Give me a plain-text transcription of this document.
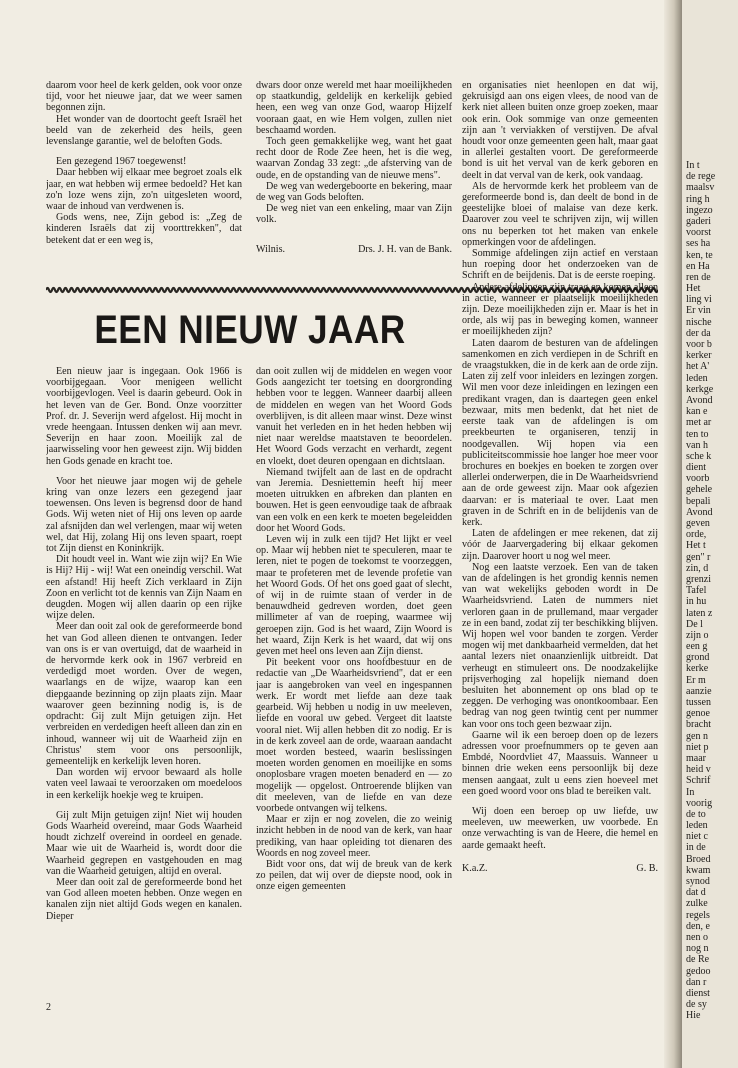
daarom voor heel de kerk gelden, ook voor onze tijd, voor het nieuwe jaar, dat we weer samen begonnen zijn.

Het wonder van de doortocht geeft Israël het beeld van de zekerheid des heils, geen levenslange garantie, wel de beloften Gods.

Een gezegend 1967 toegewenst!

Daar hebben wij elkaar mee begroet zoals elk jaar, en wat hebben wij ermee bedoeld? Het kan zo'n loze wens zijn, zo'n uitgesleten woord, waar de inhoud van verdwenen is.

Gods wens, nee, Zijn gebod is: „Zeg de kinderen Israëls dat zij voorttrekken", dat betekent dat er een weg is,

dwars door onze wereld met haar moeilijkheden op staatkundig, geldelijk en kerkelijk gebied heen, een weg van onze God, waarop Hijzelf vooraan gaat, en wie Hem volgen, zullen niet beschaamd worden.

Toch geen gemakkelijke weg, want het gaat recht door de Rode Zee heen, het is die weg, waarvan Zondag 33 zegt: „de afsterving van de oude, en de opstanding van de nieuwe mens".

De weg van wedergeboorte en bekering, maar de weg van Gods beloften.

De weg niet van een enkeling, maar van Zijn volk.

Wilnis.	Drs. J. H. van de Bank.
EEN NIEUW JAAR

Een nieuw jaar is ingegaan. Ook 1966 is voorbijgegaan. Voor menigeen wellicht voorbijgevlogen. Veel is daarin gebeurd. Ook in het leven van de Ger. Bond. Onze voorzitter Prof. dr. J. Severijn werd afgelost. Hij mocht in vrede heengaan. Intussen denken wij aan mevr. Severijn en haar zoon. Moeilijk zal de jaarwisseling voor hen geweest zijn. Wij bidden hen Gods genade en kracht toe.

Voor het nieuwe jaar mogen wij de gehele kring van onze lezers een gezegend jaar toewensen. Ons leven is begrensd door de hand Gods. Wij weten niet of Hij ons leven op aarde zal afsnijden dan wel verlengen, maar wij weten wel, dat Hij, zolang Hij ons leven spaart, roept tot Zijn dienst en Koninkrijk.

Dit houdt veel in. Want wie zijn wij? En Wie is Hij? Hij - wij! Wat een oneindig verschil. Wat een afstand! Hij heeft Zich verklaard in Zijn Zoon en verlicht tot de kennis van Zijn Naam en deugden. Mogen wij allen daarin op een rijke wijze delen.

Meer dan ooit zal ook de gereformeerde bond het van God alleen dienen te ontvangen. Ieder van ons is er van overtuigd, dat de waarheid in de hervormde kerk ook in 1967 verbreid en verdedigd moet worden. Over de wegen, waarlangs en de wijze, waarop kan een diepgaande bezinning op zijn plaats zijn. Maar waarover geen bezinning nodig is, is de opdracht: Gij zult Mijn getuigen zijn. Het verbreiden en verdedigen heeft alleen dan zin en inhoud, wanneer wij uit de Waarheid zijn en Christus' stem voor ons persoonlijk, gemeentelijk en kerkelijk leven horen.

Dan worden wij ervoor bewaard als holle vaten veel lawaai te veroorzaken om moedeloos in een kerkelijk hoekje weg te kruipen.

Gij zult Mijn getuigen zijn! Niet wij houden Gods Waarheid overeind, maar Gods Waarheid houdt zichzelf overeind in oordeel en genade. Maar wie uit de Waarheid is, wordt door die Waarheid gegrepen en vastgehouden en mag van die Waarheid getuigen, altijd en overal.

Meer dan ooit zal de gereformeerde bond het van God alleen moeten hebben. Onze wegen en kanalen zijn niet altijd Gods wegen en kanalen. Dieper

dan ooit zullen wij de middelen en wegen voor Gods aangezicht ter toetsing en doorgronding hebben voor te leggen. Wanneer daarbij alleen de middelen en wegen van het Woord Gods overblijven, is dit alleen maar winst. Deze winst vanuit het verleden en in het heden hebben wij niet naar wereldse maatstaven te beoordelen. Het Woord Gods verzacht en verhardt, zegent en vloekt, doet deuren opengaan en dichtslaan.

Niemand twijfelt aan de last en de opdracht van Jeremia. Desniettemin heeft hij meer moeten uitrukken en afbreken dan planten en bouwen. Het is geen eenvoudige taak de afbraak van een volk en een kerk te moeten begeleidden door het Woord Gods.

Leven wij in zulk een tijd? Het lijkt er veel op. Maar wij hebben niet te speculeren, maar te leren, niet te pogen de toekomst te voorzeggen, maar te profeteren met de levende profetie van het Woord Gods. Of het ons goed gaat of slecht, of wij in de ruimte staan of verder in de benauwdheid gedreven worden, doet geen millimeter af van de roeping, waarmee wij geroepen zijn. God is het waard, Zijn Woord is het waard, Zijn Kerk is het waard, dat wij ons geven met heel ons leven aan Zijn dienst.

Pit beekent voor ons hoofdbestuur en de redactie van „De Waarheidsvriend", dat er een jaar is aangebroken van veel en ingespannen werk. Er wordt met liefde aan deze taak gearbeid. Wij hebben u nodig in uw meeleven, liefde en vooral uw gebed. Vergeet dit laatste vooral niet. Wij allen hebben dit zo nodig. Er is in de kerk zoveel aan de orde, waaraan aandacht moet worden besteed, waarin beslissingen moeten worden genomen en moeilijke en soms onoplosbare vragen moeten benaderd en — zo mogelijk — opgelost. Ontroerende blijken van dit meeleven, van de liefde en van deze voorbede ontvangen wij telkens.

Maar er zijn er nog zovelen, die zo weinig inzicht hebben in de nood van de kerk, van haar prediking, van haar opleiding tot dienaren des Woords en nog zoveel meer.

Bidt voor ons, dat wij de breuk van de kerk zo peilen, dat wij over de diepste nood, ook in onze eigen gemeenten

en organisaties niet heenlopen en dat wij, gekruisigd aan ons eigen vlees, de nood van de kerk niet alleen buiten onze groep zoeken, maar ook erin. Ook sommige van onze gemeenten zijn aan 't verviakken of verstijven. De afval houdt voor onze gemeenten geen halt, maar gaat in allerlei gestalten voort. De gereformeerde bond is uit het verval van de kerk geboren en deelt in dat verval van de kerk, ook vandaag.

Als de hervormde kerk het probleem van de gereformeerde bond is, dan deelt de bond in de geestelijke bloei of malaise van deze kerk. Daarover zou veel te schrijven zijn, wij willen ons nu beperken tot het maken van enkele opmerkingen voor de afdelingen.

Sommige afdelingen zijn actief en verstaan hun roeping door het onderzoeken van de Schrift en de beijdenis. Dat is de eerste roeping.

Andere afdelingen zijn traag en komen alleen in actie, wanneer er plaatselijk moeilijkheden zijn. Deze moeilijkheden zijn er. Maar is het in orde, als wij pas in beweging komen, wanneer er moeilijkheden zijn?

Laten daarom de besturen van de afdelingen samenkomen en zich verdiepen in de Schrift en de vraagstukken, die in de kerk aan de orde zijn. Laten zij zelf voor inleiders en lezingen zorgen. Wil men voor deze inleidingen en lezingen een predikant vragen, dan is daartegen geen enkel bezwaar, mits men bedenkt, dat het niet de eerste taak van de afdelingen is om preekbeurten te organiseren, tenzij in noodgevallen. Wij hopen via een publiciteitscommissie hoe langer hoe meer voor brochures en boekjes en boeken te zorgen over allerlei onderwerpen, die in De Waarheidsvriend aan de orde geweest zijn. Maar ook afgezien daarvan: er is materiaal te over. Laat men graven in de Schrift en in de belijdenis van de kerk.

Laten de afdelingen er mee rekenen, dat zij vóór de Jaarvergadering bij elkaar gekomen zijn. Daarover hoort u nog wel meer.

Nog een laatste verzoek. Een van de taken van de afdelingen is het grondig kennis nemen van wat wekelijks geboden wordt in De Waarheidsvriend. Laten de nummers niet verloren gaan in de prullemand, maar vergader ze in een band, zodat zij ter beschikking blijven. Wij hopen wel voor banden te zorgen. Verder mogen wij met dankbaarheid vermelden, dat het aantal lezers niet onaanzienlijk uitbreidt. Dat verheugt en stimuleert ons. De noodzakelijke prijsverhoging zal hopelijk niemand doen besluiten het abonnement op ons blad op te zeggen. De verhoging was onontkoombaar. Een bedrag van nog geen twintig cent per nummer kan voor ons toch geen bezwaar zijn.

Gaarne wil ik een beroep doen op de lezers adressen voor proefnummers op te geven aan Embdé, Noordvliet 47, Maassuis. Wanneer u binnen drie weken eens persoonlijk bij deze mensen aangaat, zult u eens zien hoeveel met een goed woord voor ons blad te bereiken valt.

Wij doen een beroep op uw liefde, uw meeleven, uw meewerken, uw voorbede. En onze verwachting is van de Heere, die hemel en aarde gemaakt heeft.

K.a.Z.	G. B.
2
In t
de rege
maalsv
ring h
ingezo
gaderi
voorst
ses ha
ken, te
en Ha
ren de
Het
ling vi
Er vin
nische
der da
voor b
kerker
het A'
leden
kerkge
Avond
kan e
met ar
ten to
van h
sche k
dient
voorb
gehele
bepali
Avond
geven
orde,
Het t
gen" r
zin, d
grenzi
Tafel
in hu
laten z
De l
zijn o
een g
grond
kerke
Er m
aanzie
tussen
genoe
bracht
gen n
niet p
maar
heid v
Schrif
In
voorig
de to
leden
niet c
in de
Broed
kwam
synod
dat d
zulke
regels
den, e
nen o
nog n
de Re
gedoo
dan r
dienst
de sy
Hie
